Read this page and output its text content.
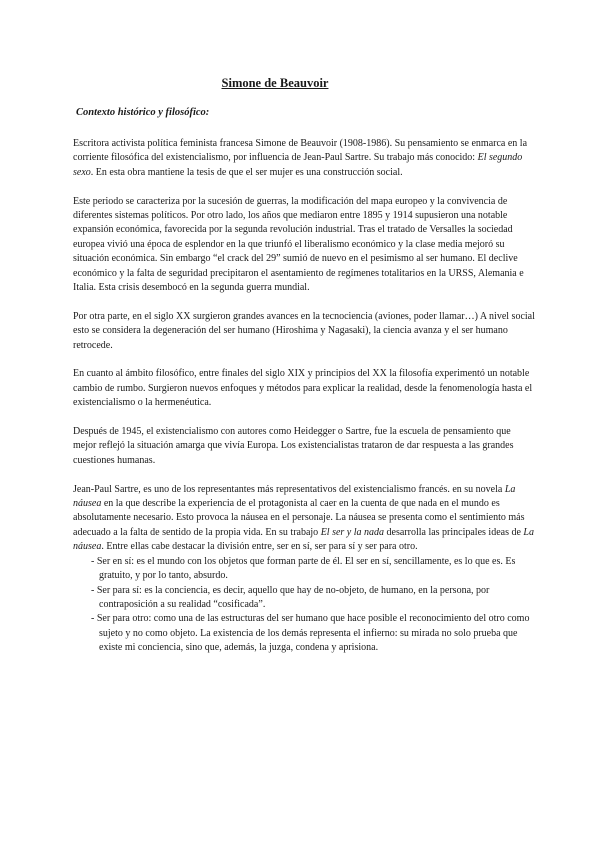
Simone de Beauvoir
Contexto histórico y filosófico:

Escritora activista política feminista francesa Simone de Beauvoir (1908-1986). Su pensamiento se enmarca en la corriente filosófica del existencialismo, por influencia de Jean-Paul Sartre. Su trabajo más conocido: El segundo sexo. En esta obra mantiene la tesis de que el ser mujer es una construcción social.

Este periodo se caracteriza por la sucesión de guerras, la modificación del mapa europeo y la convivencia de diferentes sistemas políticos. Por otro lado, los años que mediaron entre 1895 y 1914 supusieron una notable expansión económica, favorecida por la segunda revolución industrial. Tras el tratado de Versalles la sociedad europea vivió una época de esplendor en la que triunfó el liberalismo económico y la clase media mejoró su situación económica. Sin embargo “el crack del 29” sumió de nuevo en el pesimismo al ser humano. El declive económico y la falta de seguridad precipitaron el asentamiento de regímenes totalitarios en la URSS, Alemania e Italia. Esta crisis desembocó en la segunda guerra mundial.

Por otra parte, en el siglo XX surgieron grandes avances en la tecnociencia (aviones, poder llamar…) A nivel social esto se considera la degeneración del ser humano (Hiroshima y Nagasaki), la ciencia avanza y el ser humano retrocede.

En cuanto al ámbito filosófico, entre finales del siglo XIX y principios del XX la filosofía experimentó un notable cambio de rumbo. Surgieron nuevos enfoques y métodos para explicar la realidad, desde la fenomenología hasta el existencialismo o la hermenéutica.

Después de 1945, el existencialismo con autores como Heidegger o Sartre, fue la escuela de pensamiento que mejor reflejó la situación amarga que vivía Europa. Los existencialistas trataron de dar respuesta a las grandes cuestiones humanas.

Jean-Paul Sartre, es uno de los representantes más representativos del existencialismo francés. en su novela La náusea en la que describe la experiencia de el protagonista al caer en la cuenta de que nada en el mundo es absolutamente necesario. Esto provoca la náusea en el personaje. La náusea se presenta como el sentimiento más adecuado a la falta de sentido de la propia vida. En su trabajo El ser y la nada desarrolla las principales ideas de La náusea. Entre ellas cabe destacar la división entre, ser en sí, ser para sí y ser para otro.

- Ser en sí: es el mundo con los objetos que forman parte de él. El ser en sí, sencillamente, es lo que es. Es gratuito, y por lo tanto, absurdo.
- Ser para sí: es la conciencia, es decir, aquello que hay de no-objeto, de humano, en la persona, por contraposición a su realidad “cosificada”.
- Ser para otro: como una de las estructuras del ser humano que hace posible el reconocimiento del otro como sujeto y no como objeto. La existencia de los demás representa el infierno: su mirada no solo prueba que existe mi conciencia, sino que, además, la juzga, condena y aprisiona.
